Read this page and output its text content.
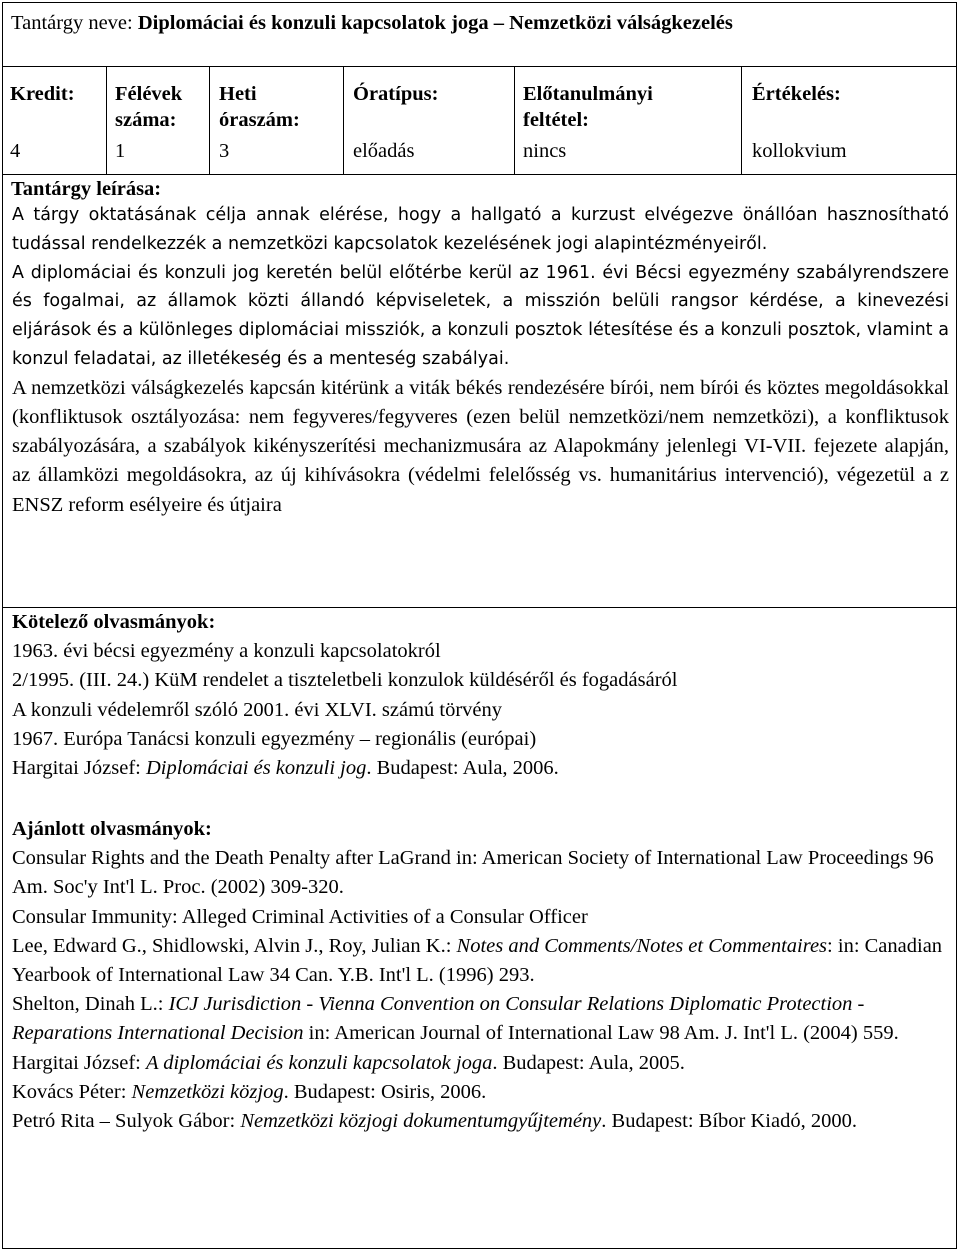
Tantárgy neve: Diplomáciai és konzuli kapcsolatok joga – Nemzetközi válságkezelés
Kredit:
4
Félévek
száma:
1
Heti
óraszám:
3
Óratípus:
előadás
Előtanulmányi
feltétel:
nincs
Értékelés:
kollokvium
Tantárgy leírása:

A tárgy oktatásának célja annak elérése, hogy a hallgató a kurzust elvégezve önállóan hasznosítható tudással rendelkezzék a nemzetközi kapcsolatok kezelésének jogi alapintézményeiről.

A diplomáciai és konzuli jog keretén belül előtérbe kerül az 1961. évi Bécsi egyezmény szabályrendszere és fogalmai, az államok közti állandó képviseletek, a misszión belüli rangsor kérdése, a kinevezési eljárások és a különleges diplomáciai missziók, a konzuli posztok létesítése és a konzuli posztok, vlamint a konzul feladatai, az illetékeség és a menteség szabályai.

A nemzetközi válságkezelés kapcsán kitérünk a viták békés rendezésére bírói, nem bírói és köztes megoldásokkal (konfliktusok osztályozása: nem fegyveres/fegyveres (ezen belül nemzetközi/nem nemzetközi), a konfliktusok szabályozására, a szabályok kikényszerítési mechanizmusára az Alapokmány jelenlegi VI-VII. fejezete alapján, az államközi megoldásokra, az új kihívásokra (védelmi felelősség vs. humanitárius intervenció), végezetül a z ENSZ reform esélyeire és útjaira

Kötelező olvasmányok:

1963. évi bécsi egyezmény a konzuli kapcsolatokról

2/1995. (III. 24.) KüM rendelet a tiszteletbeli konzulok küldéséről és fogadásáról

A konzuli védelemről szóló 2001. évi XLVI. számú törvény

1967. Európa Tanácsi konzuli egyezmény – regionális (európai)

Hargitai József: Diplomáciai és konzuli jog. Budapest: Aula, 2006.

Ajánlott olvasmányok:

Consular Rights and the Death Penalty after LaGrand in: American Society of International Law Proceedings 96 Am. Soc'y Int'l L. Proc. (2002) 309-320.

Consular Immunity: Alleged Criminal Activities of a Consular Officer

Lee, Edward G., Shidlowski, Alvin J., Roy, Julian K.: Notes and Comments/Notes et Commentaires: in: Canadian Yearbook of International Law 34 Can. Y.B. Int'l L. (1996) 293.

Shelton, Dinah L.: ICJ Jurisdiction - Vienna Convention on Consular Relations Diplomatic Protection - Reparations International Decision in: American Journal of International Law 98 Am. J. Int'l L. (2004) 559.

Hargitai József: A diplomáciai és konzuli kapcsolatok joga. Budapest: Aula, 2005.

Kovács Péter: Nemzetközi közjog. Budapest: Osiris, 2006.

Petró Rita – Sulyok Gábor: Nemzetközi közjogi dokumentumgyűjtemény. Budapest: Bíbor Kiadó, 2000.
